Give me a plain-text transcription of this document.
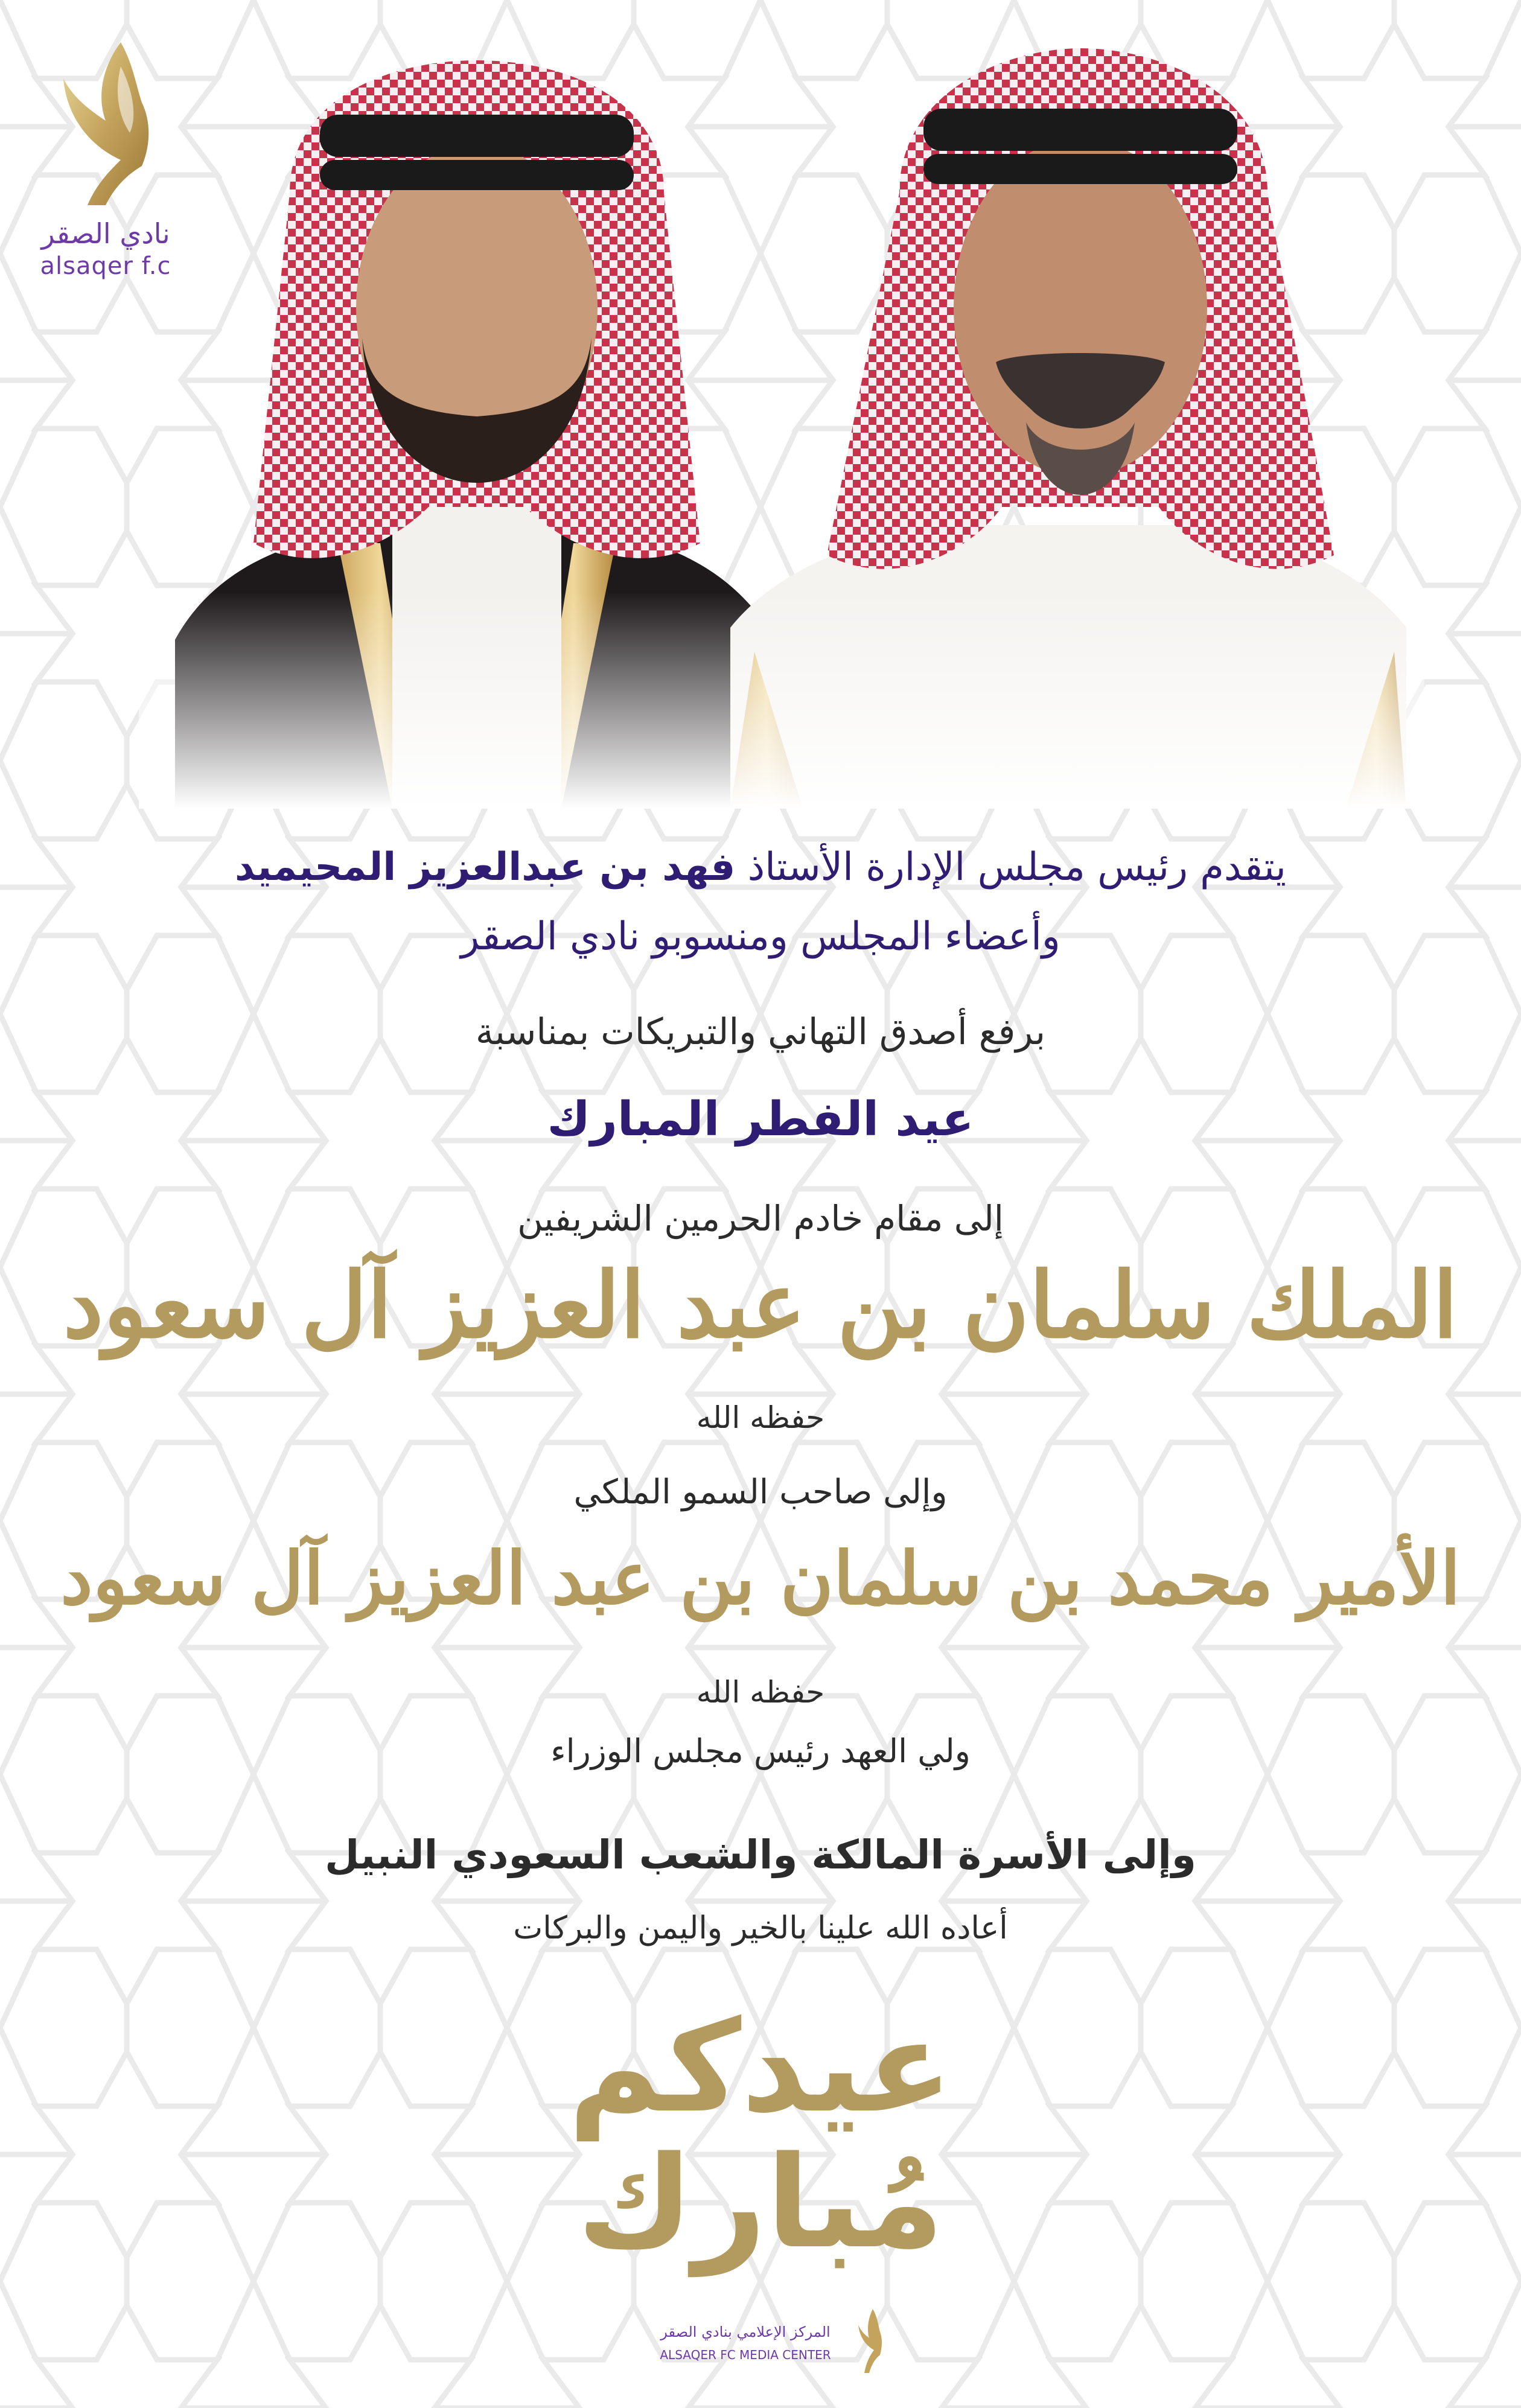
نادي الصقر
alsaqer f.c
يتقدم رئيس مجلس الإدارة الأستاذ فهد بن عبدالعزيز المحيميد
وأعضاء المجلس ومنسوبو نادي الصقر
برفع أصدق التهاني والتبريكات بمناسبة
عيد الفطر المبارك
إلى مقام خادم الحرمين الشريفين
الملك سلمان بن عبد العزيز آل سعود
حفظه الله
وإلى صاحب السمو الملكي
الأمير محمد بن سلمان بن عبد العزيز آل سعود
حفظه الله
ولي العهد رئيس مجلس الوزراء
وإلى الأسرة المالكة والشعب السعودي النبيل
أعاده الله علينا بالخير واليمن والبركات
عيدكم
مُبارك
المركز الإعلامي بنادي الصقر
ALSAQER FC MEDIA CENTER
